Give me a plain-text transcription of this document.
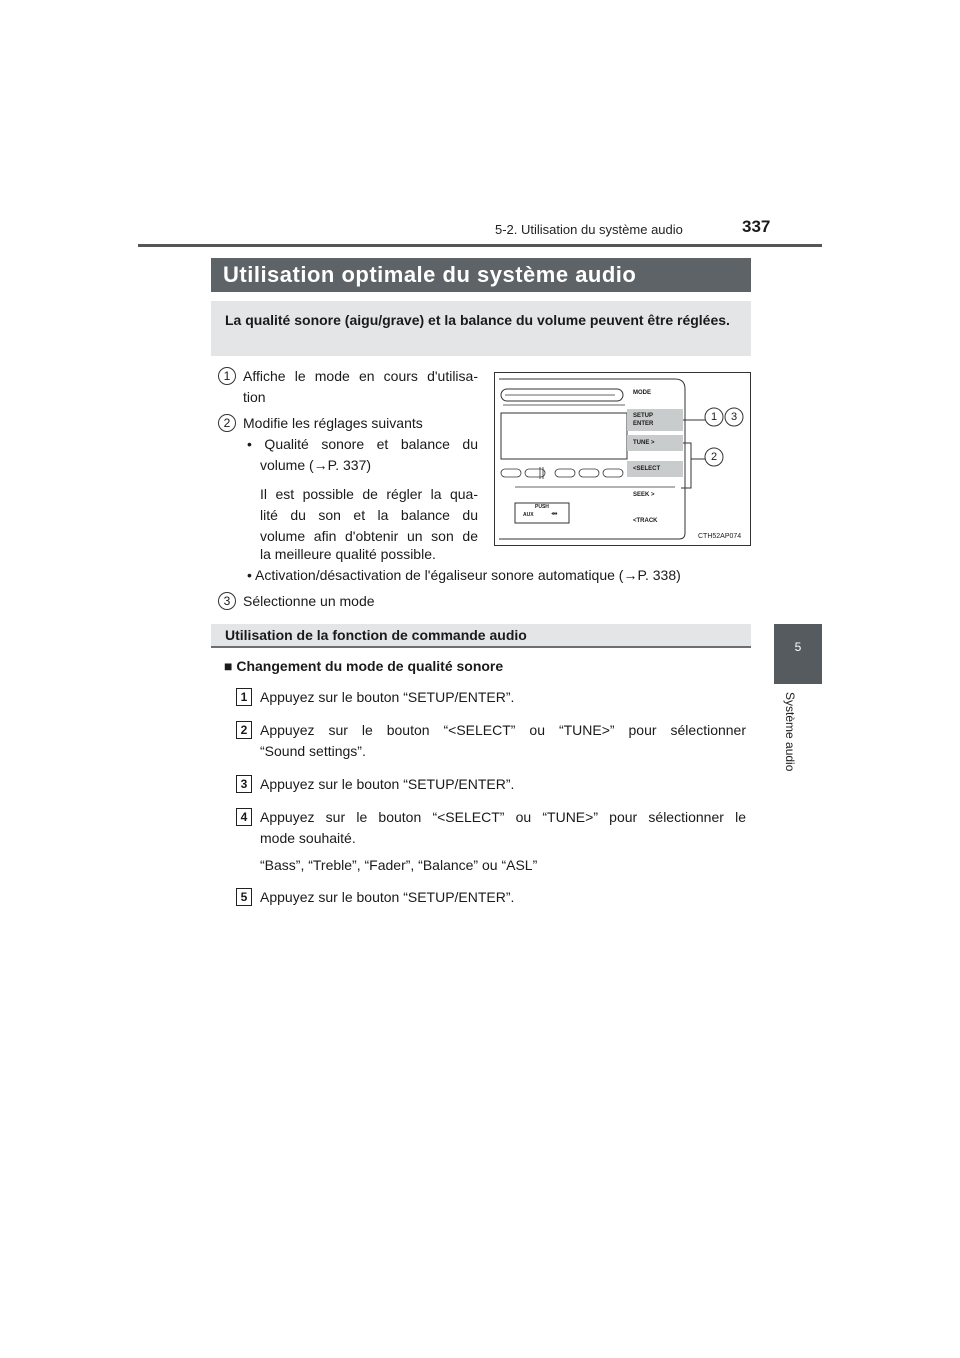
5-2. Utilisation du système audio	337
5
Système audio
Utilisation optimale du système audio
La qualité sonore (aigu/grave) et la balance du volume peuvent être réglées.
1 Affiche le mode en cours d'utilisa-
tion
2 Modifie les réglages suivants
• Qualité sonore et balance du
volume (→P. 337)
Il est possible de régler la qua-
lité du son et la balance du
volume afin d'obtenir un son de
la meilleure qualité possible.
• Activation/désactivation de l'égaliseur sonore automatique (→P. 338)
3 Sélectionne un mode
MODE
SETUP
ENTER
TUNE >
<SELECT
SEEK >
<TRACK
PUSH
AUX ⇴
1	3
2
CTH52AP074
Utilisation de la fonction de commande audio
■ Changement du mode de qualité sonore
1 Appuyez sur le bouton “SETUP/ENTER”.
2 Appuyez sur le bouton “<SELECT” ou “TUNE>” pour sélectionner
“Sound settings”.
3 Appuyez sur le bouton “SETUP/ENTER”.
4 Appuyez sur le bouton “<SELECT” ou “TUNE>” pour sélectionner le
mode souhaité.
“Bass”, “Treble”, “Fader”, “Balance” ou “ASL”
5 Appuyez sur le bouton “SETUP/ENTER”.
